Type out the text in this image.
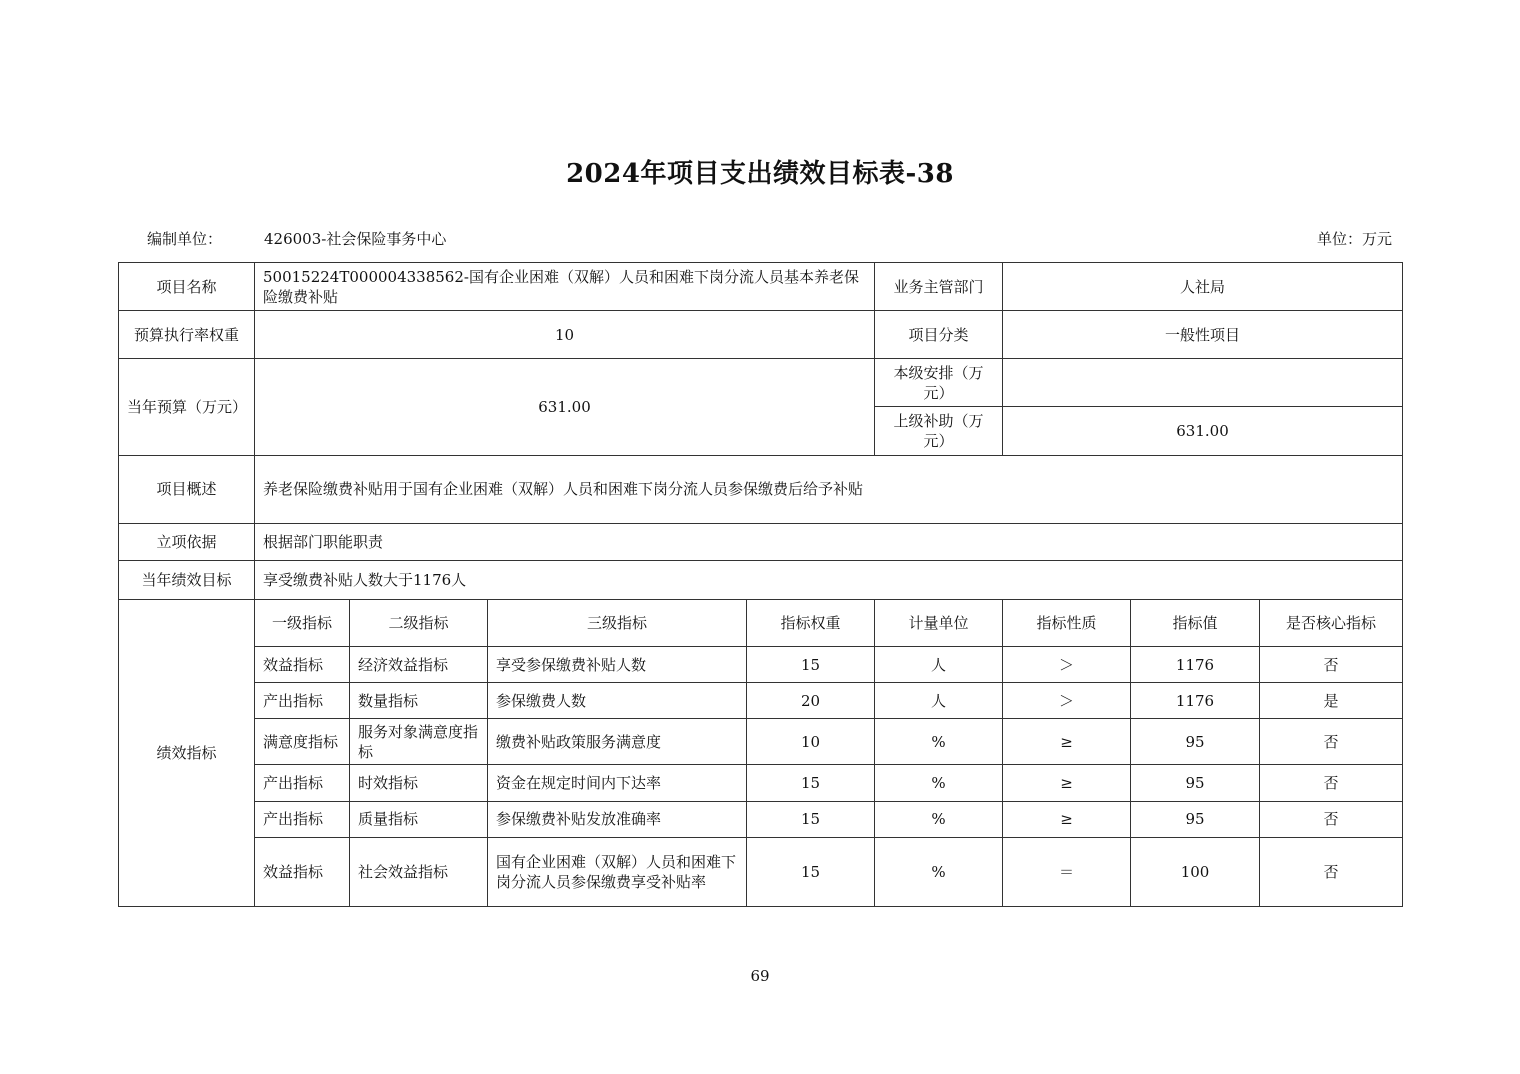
2024年项目支出绩效目标表-38
编制单位：	426003-社会保险事务中心	单位：万元
项目名称	50015224T000004338562-国有企业困难（双解）人员和困难下岗分流人员基本养老保险缴费补贴				业务主管部门	人社局		
预算执行率权重	10				项目分类	一般性项目		
当年预算（万元）	631.00				本级安排（万元）			
					上级补助（万元）	631.00		
项目概述	养老保险缴费补贴用于国有企业困难（双解）人员和困难下岗分流人员参保缴费后给予补贴							
立项依据	根据部门职能职责							
当年绩效目标	享受缴费补贴人数大于1176人							
绩效指标	一级指标	二级指标	三级指标	指标权重	计量单位	指标性质	指标值	是否核心指标
	效益指标	经济效益指标	享受参保缴费补贴人数	15	人	＞	1176	否
	产出指标	数量指标	参保缴费人数	20	人	＞	1176	是
	满意度指标	服务对象满意度指标	缴费补贴政策服务满意度	10	%	≥	95	否
	产出指标	时效指标	资金在规定时间内下达率	15	%	≥	95	否
	产出指标	质量指标	参保缴费补贴发放准确率	15	%	≥	95	否
	效益指标	社会效益指标	国有企业困难（双解）人员和困难下岗分流人员参保缴费享受补贴率	15	%	＝	100	否
69
